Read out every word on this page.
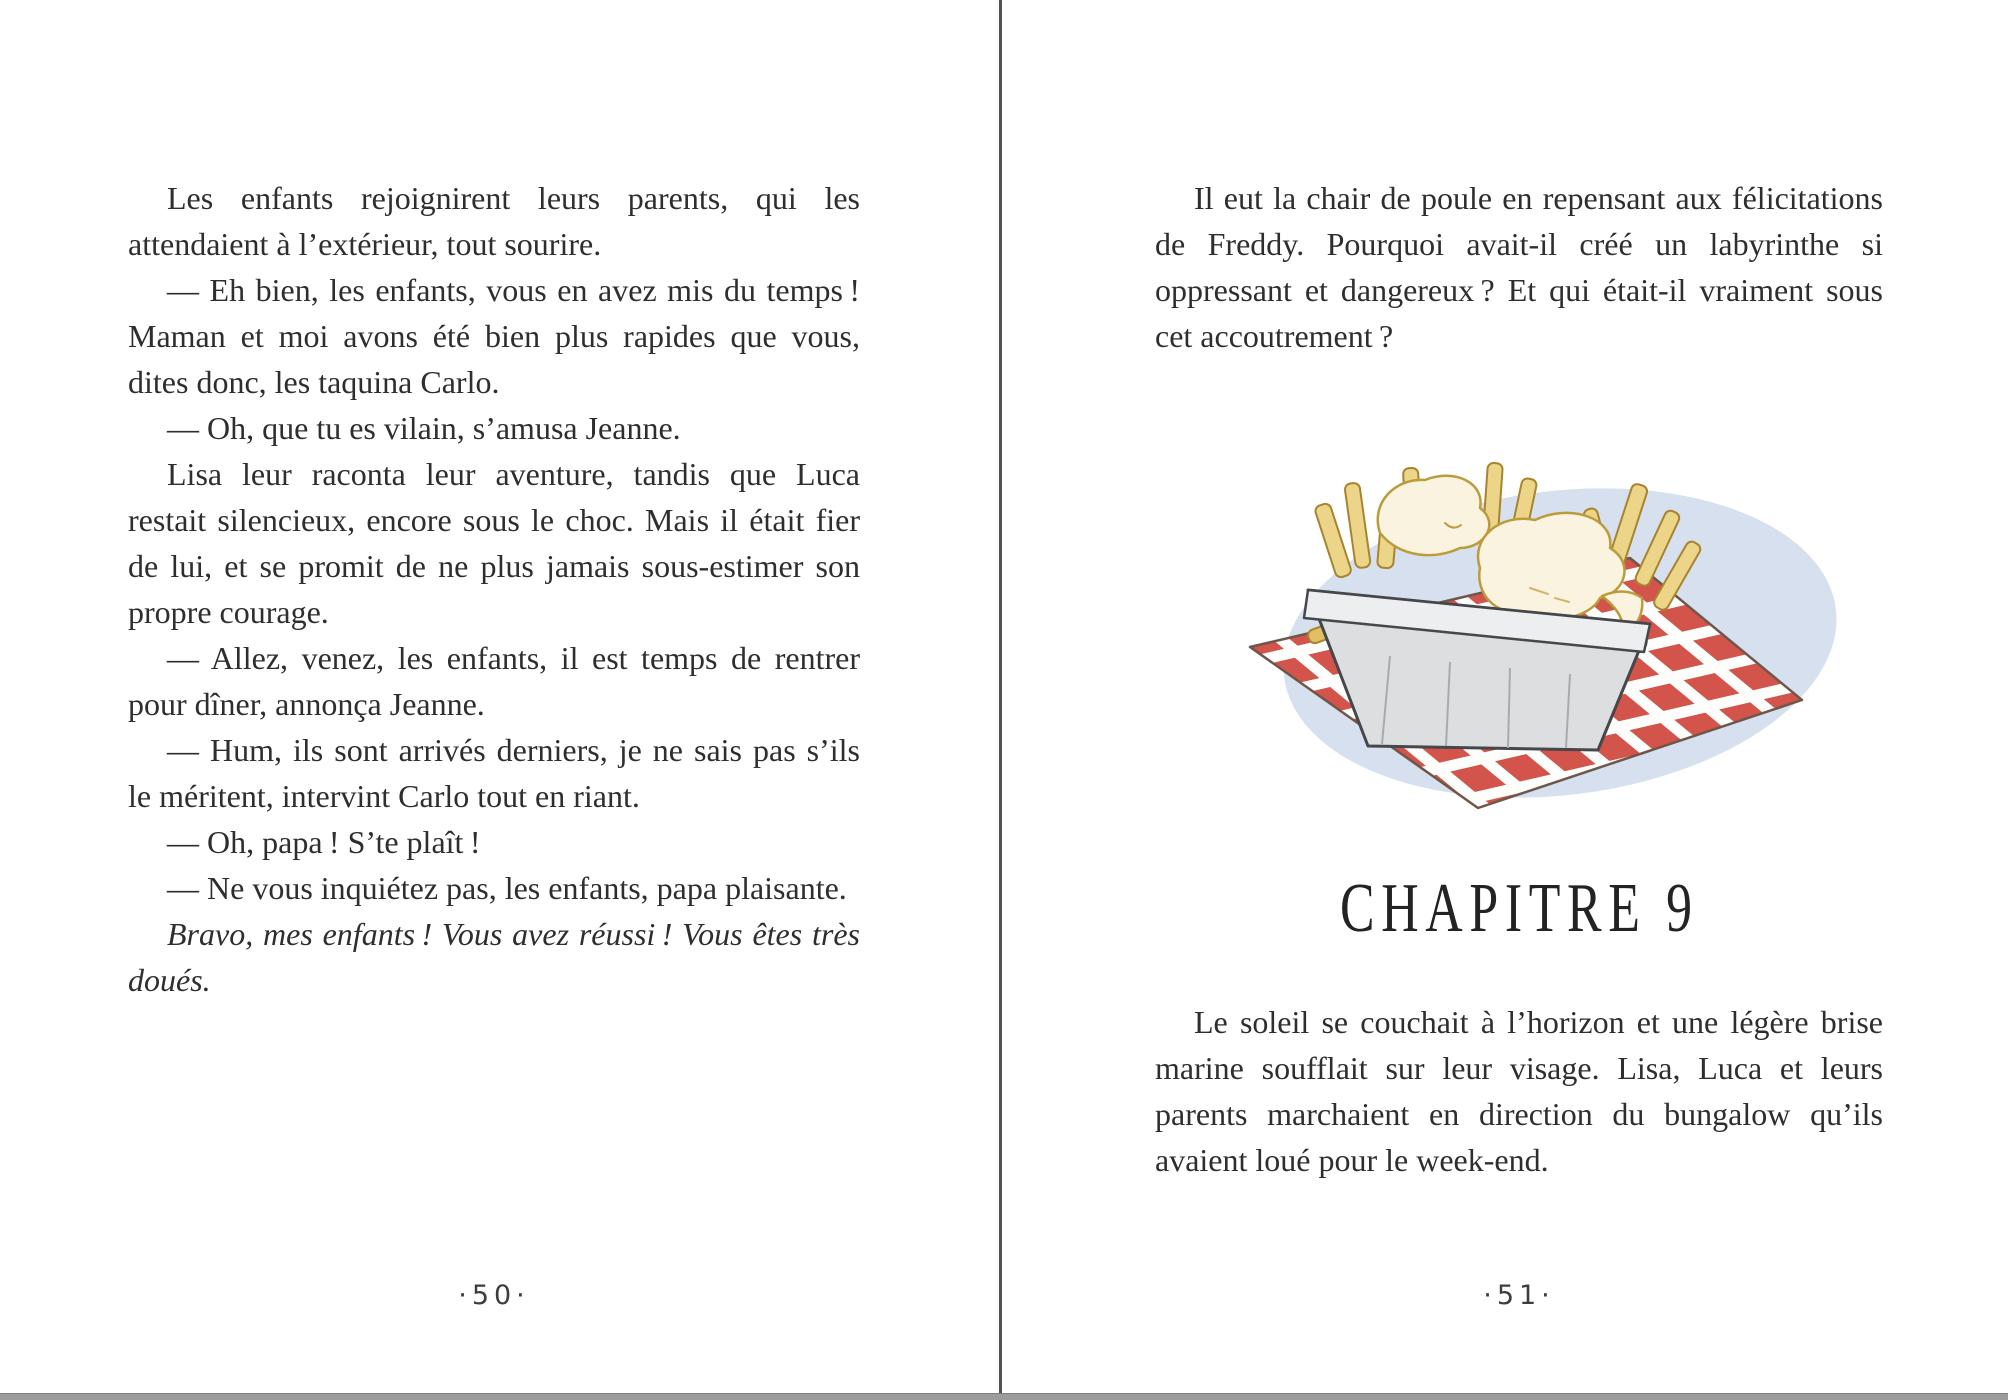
Les enfants rejoignirent leurs parents, qui les attendaient à l’extérieur, tout sourire.

— Eh bien, les enfants, vous en avez mis du temps ! Maman et moi avons été bien plus rapides que vous, dites donc, les taquina Carlo.

— Oh, que tu es vilain, s’amusa Jeanne.

Lisa leur raconta leur aventure, tandis que Luca restait silencieux, encore sous le choc. Mais il était fier de lui, et se promit de ne plus jamais sous-estimer son propre courage.

— Allez, venez, les enfants, il est temps de rentrer pour dîner, annonça Jeanne.

— Hum, ils sont arrivés derniers, je ne sais pas s’ils le méritent, intervint Carlo tout en riant.

— Oh, papa ! S’te plaît !

— Ne vous inquiétez pas, les enfants, papa plaisante.

Bravo, mes enfants ! Vous avez réussi ! Vous êtes très doués.

·50·

Il eut la chair de poule en repensant aux félicitations de Freddy. Pourquoi avait-il créé un labyrinthe si oppressant et dangereux ? Et qui était-il vraiment sous cet accoutrement ?

CHAPITRE 9

Le soleil se couchait à l’horizon et une légère brise marine soufflait sur leur visage. Lisa, Luca et leurs parents marchaient en direction du bungalow qu’ils avaient loué pour le week-end.

·51·
